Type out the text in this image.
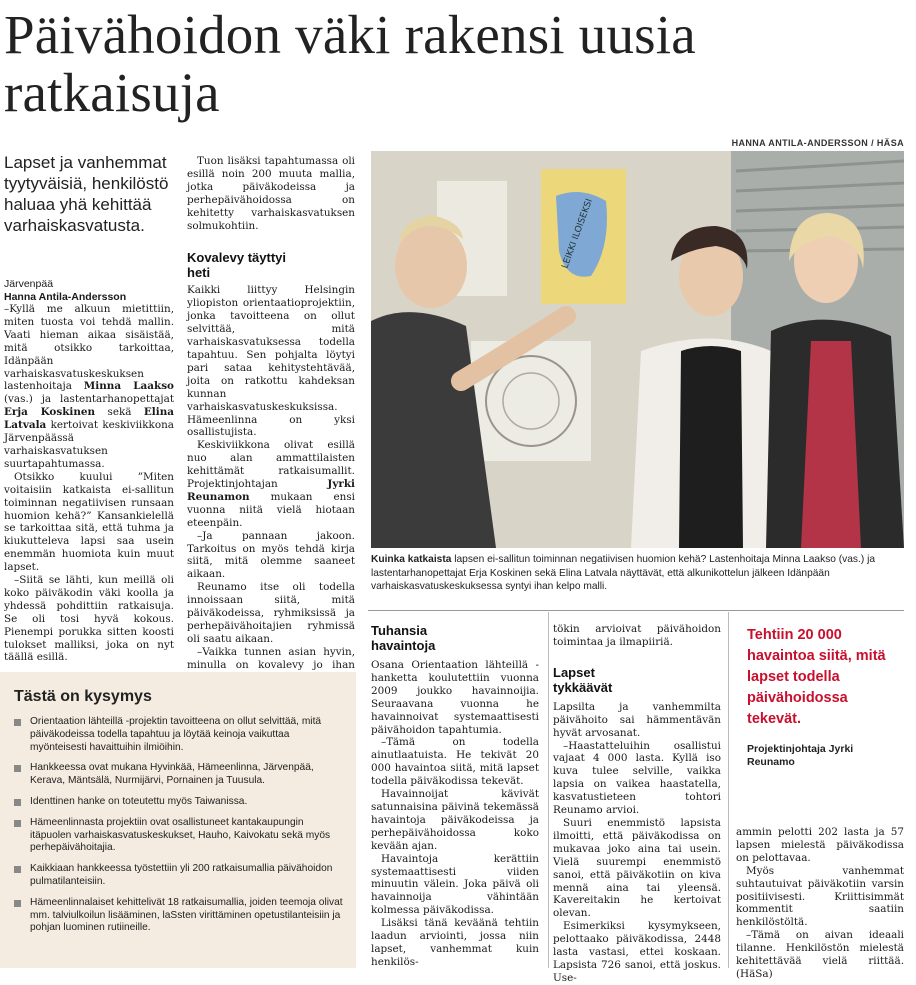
Päivähoidon väki rakensi uusia ratkaisuja
Lapset ja vanhemmat tyytyväisiä, henkilöstö haluaa yhä kehittää varhaiskasvatusta.
Järvenpää
Hanna Antila-Andersson

–Kyllä me alkuun mietittiin, miten tuosta voi tehdä mallin. Vaati hieman aikaa sisäistää, mitä otsikko tarkoittaa, Idänpään varhaiskasvatuskeskuksen lastenhoitaja Minna Laakso (vas.) ja lastentarhanopettajat Erja Koskinen sekä Elina Latvala kertoivat keskiviikkona Järvenpäässä varhaiskasvatuksen suurtapahtumassa.

Otsikko kuului ”Miten voitaisiin katkaista ei-sallitun toiminnan negatiivisen runsaan huomion kehä?” Kansankielellä se tarkoittaa sitä, että tuhma ja kiukutteleva lapsi saa usein enemmän huomiota kuin muut lapset.

–Siitä se lähti, kun meillä oli koko päiväkodin väki koolla ja yhdessä pohdittiin ratkaisuja. Se oli tosi hyvä kokous. Pienempi porukka sitten koosti tulokset malliksi, joka on nyt täällä esillä.

Tuon lisäksi tapahtumassa oli esillä noin 200 muuta mallia, jotka päiväkodeissa ja perhepäivähoidossa on kehitetty varhaiskasvatuksen solmukohtiin.

Kovalevy täyttyi heti

Kaikki liittyy Helsingin yliopiston orientaatioprojektiin, jonka tavoitteena on ollut selvittää, mitä varhaiskasvatuksessa todella tapahtuu. Sen pohjalta löytyi pari sataa kehitystehtävää, joita on ratkottu kahdeksan kunnan varhaiskasvatuskeskuksissa. Hämeenlinna on yksi osallistujista.

Keskiviikkona olivat esillä nuo alan ammattilaisten kehittämät ratkaisumallit. Projektinjohtajan Jyrki Reunamon mukaan ensi vuonna niitä vielä hiotaan eteenpäin.

–Ja pannaan jakoon. Tarkoitus on myös tehdä kirja siitä, mitä olemme saaneet aikaan.

Reunamo itse oli todella innoissaan siitä, mitä päiväkodeissa, ryhmiksissä ja perhepäivähoitajien ryhmissä oli saatu aikaan.

–Vaikka tunnen asian hyvin, minulla on kovalevy jo ihan

HANNA ANTILA-ANDERSSON / HÄSA
LEIKKI ILOISEKSI
Kuinka katkaista lapsen ei-sallitun toiminnan negatiivisen huomion kehä? Lastenhoitaja Minna Laakso (vas.) ja lastentarhanopettajat Erja Koskinen sekä Elina Latvala näyttävät, että alkunikottelun jälkeen Idänpään varhaiskasvatuskeskuksessa syntyi ihan kelpo malli.
Tuhansia havaintoja

Osana Orientaation lähteillä -hanketta koulutettiin vuonna 2009 joukko havainnoijia. Seuraavana vuonna he havainnoivat systemaattisesti päivähoidon tapahtumia.

–Tämä on todella ainutlaatuista. He tekivät 20 000 havaintoa siitä, mitä lapset todella päiväkodissa tekevät.

Havainnoijat kävivät satunnaisina päivinä tekemässä havaintoja päiväkodeissa ja perhepäivähoidossa koko kevään ajan.

Havaintoja kerättiin systemaattisesti viiden minuutin välein. Joka päivä oli havainnoija vähintään kolmessa päiväkodissa.

Lisäksi tänä keväänä tehtiin laadun arviointi, jossa niin lapset, vanhemmat kuin henkilös-

tökin arvioivat päivähoidon toimintaa ja ilmapiiriä.

Lapset tykkäävät

Lapsilta ja vanhemmilta päivähoito sai hämmentävän hyvät arvosanat.

–Haastatteluihin osallistui vajaat 4 000 lasta. Kyllä iso kuva tulee selville, vaikka lapsia on vaikea haastatella, kasvatustieteen tohtori Reunamo arvioi.

Suuri enemmistö lapsista ilmoitti, että päiväkodissa on mukavaa joko aina tai usein. Vielä suurempi enemmistö sanoi, että päiväkotiin on kiva mennä aina tai yleensä. Kavereitakin he kertoivat olevan.

Esimerkiksi kysymykseen, pelottaako päiväkodissa, 2448 lasta vastasi, ettei koskaan. Lapsista 726 sanoi, että joskus. Use-

Tehtiin 20 000 havaintoa siitä, mitä lapset todella päivähoidossa tekevät.
Projektinjohtaja Jyrki Reunamo

ammin pelotti 202 lasta ja 57 lapsen mielestä päiväkodissa on pelottavaa.

Myös vanhemmat suhtautuivat päiväkotiin varsin positiivisesti. Kriittisimmät kommentit saatiin henkilöstöltä.

–Tämä on aivan ideaali tilanne. Henkilöstön mielestä kehitettävää vielä riittää. (HäSa)

Tästä on kysymys
Orientaation lähteillä -projektin tavoitteena on ollut selvittää, mitä päiväkodeissa todella tapahtuu ja löytää keinoja vaikuttaa myönteisesti havaittuihin ilmiöihin.
Hankkeessa ovat mukana Hyvinkää, Hämeenlinna, Järvenpää, Kerava, Mäntsälä, Nurmijärvi, Pornainen ja Tuusula.
Identtinen hanke on toteutettu myös Taiwanissa.
Hämeenlinnasta projektiin ovat osallistuneet kantakaupungin itäpuolen varhaiskasvatuskeskukset, Hauho, Kaivokatu sekä myös perhepäivähoitajia.
Kaikkiaan hankkeessa työstettiin yli 200 ratkaisumallia päivähoidon pulmatilanteisiin.
Hämeenlinnalaiset kehittelivät 18 ratkaisumallia, joiden teemoja olivat mm. talviulkoilun lisääminen, laSsten virittäminen opetustilanteisiin ja pohjan luominen rutiineille.
